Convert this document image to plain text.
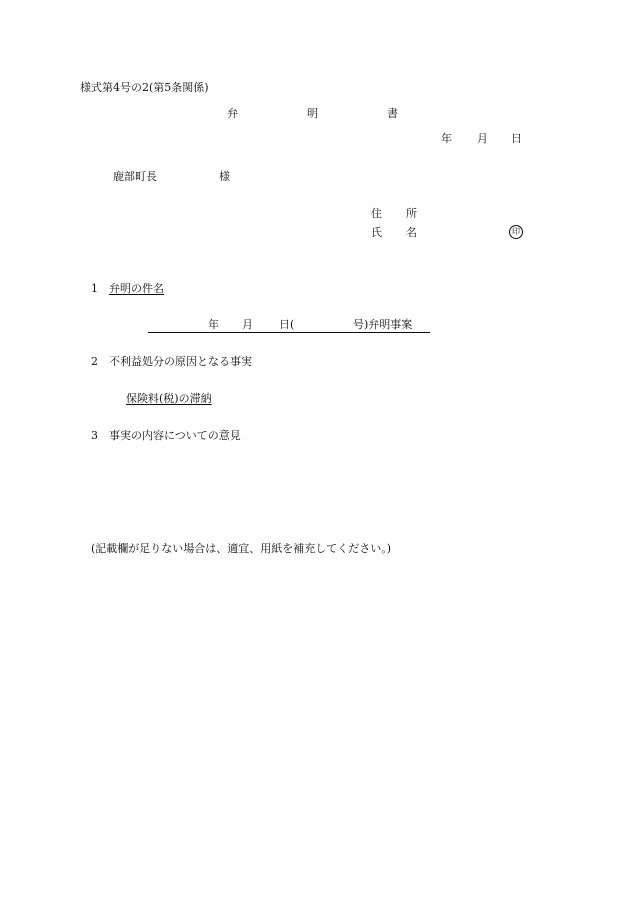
様式第4号の2(第5条関係)
弁	明	書
年 月 日
鹿部町長	様
住 所
氏 名	印
1 弁明の件名
年 月 日(	号)弁明事案
2 不利益処分の原因となる事実
保険料(税)の滞納
3 事実の内容についての意見
(記載欄が足りない場合は、適宜、用紙を補充してください。)
